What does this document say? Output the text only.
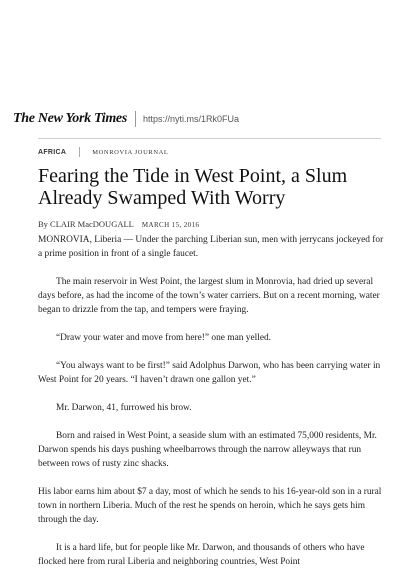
The New York Times https://nyti.ms/1Rk0FUa
AFRICA	MONROVIA JOURNAL
Fearing the Tide in West Point, a Slum Already Swamped With Worry
By CLAIR MacDOUGALL MARCH 15, 2016

MONROVIA, Liberia — Under the parching Liberian sun, men with jerrycans jockeyed for a prime position in front of a single faucet.

The main reservoir in West Point, the largest slum in Monrovia, had dried up several days before, as had the income of the town’s water carriers. But on a recent morning, water began to drizzle from the tap, and tempers were fraying.

“Draw your water and move from here!” one man yelled.

“You always want to be first!” said Adolphus Darwon, who has been carrying water in West Point for 20 years. “I haven’t drawn one gallon yet.”

Mr. Darwon, 41, furrowed his brow.

Born and raised in West Point, a seaside slum with an estimated 75,000 residents, Mr. Darwon spends his days pushing wheelbarrows through the narrow alleyways that run between rows of rusty zinc shacks.

His labor earns him about $7 a day, most of which he sends to his 16-year-old son in a rural town in northern Liberia. Much of the rest he spends on heroin, which he says gets him through the day.

It is a hard life, but for people like Mr. Darwon, and thousands of others who have flocked here from rural Liberia and neighboring countries, West Point
